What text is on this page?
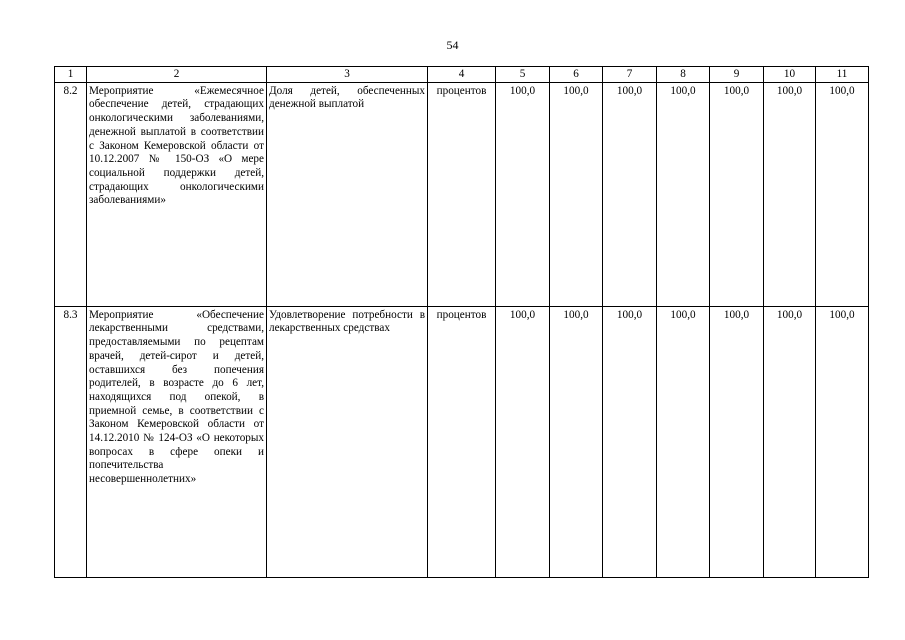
54
1	2	3	4	5	6	7	8	9	10	11
8.2	Мероприятие «Ежемесячное обеспечение детей, страдающих онкологическими заболеваниями, денежной выплатой в соответствии с Законом Кемеровской области от 10.12.2007 № 150-ОЗ «О мере социальной поддержки детей, страдающих онкологическими заболеваниями»	Доля детей, обеспеченных денежной выплатой	процентов	100,0	100,0	100,0	100,0	100,0	100,0	100,0
8.3	Мероприятие «Обеспечение лекарственными средствами, предоставляемыми по рецептам врачей, детей-сирот и детей, оставшихся без попечения родителей, в возрасте до 6 лет, находящихся под опекой, в приемной семье, в соответствии с Законом Кемеровской области от 14.12.2010 № 124-ОЗ «О некоторых вопросах в сфере опеки и попечительства несовершеннолетних»	Удовлетворение потребности в лекарственных средствах	процентов	100,0	100,0	100,0	100,0	100,0	100,0	100,0
